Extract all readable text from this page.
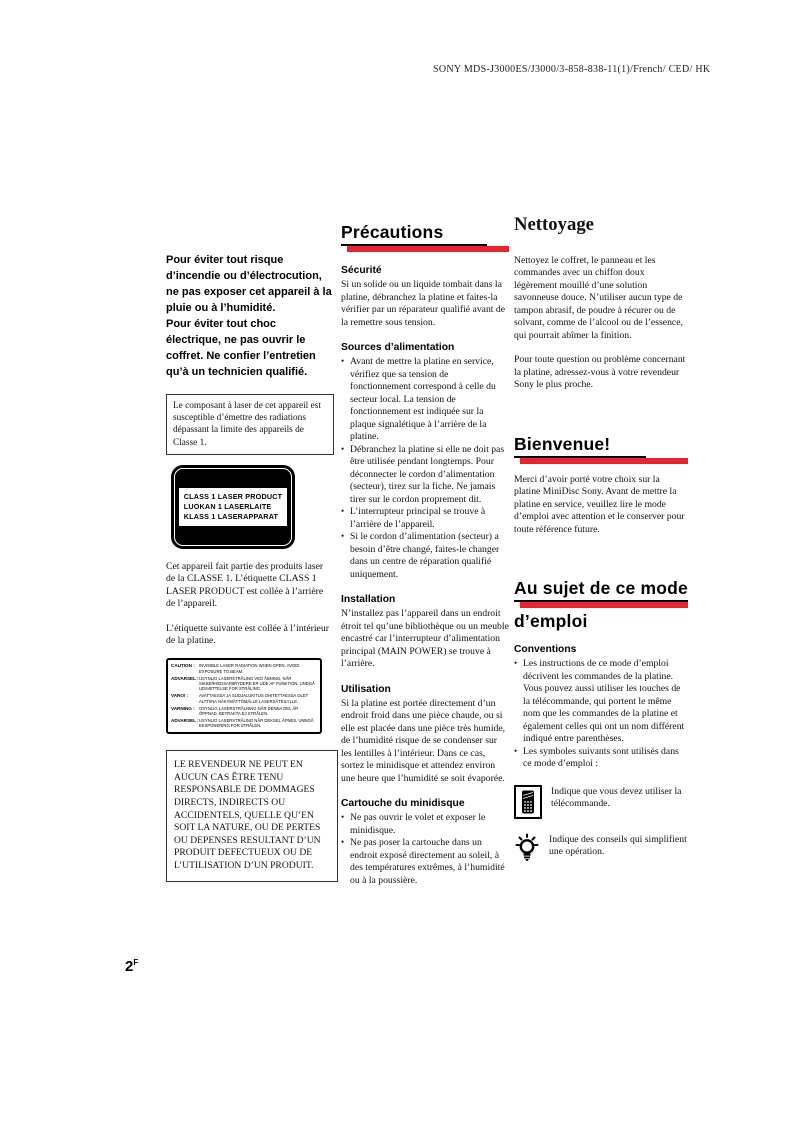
SONY MDS-J3000ES/J3000/3-858-838-11(1)/French/ CED/ HK

Pour éviter tout risque d’incendie ou d’électrocution, ne pas exposer cet appareil à la pluie ou à l’humidité.

Pour éviter tout choc électrique, ne pas ouvrir le coffret. Ne confier l’entretien qu’à un technicien qualifié.

Le composant à laser de cet appareil est susceptible d’émettre des radiations dépassant la limite des appareils de Classe 1.
CLASS 1 LASER PRODUCT
LUOKAN 1 LASERLAITE
KLASS 1 LASERAPPARAT

Cet appareil fait partie des produits laser de la CLASSE 1. L’étiquette CLASS 1 LASER PRODUCT est collée à l’arrière de l’appareil.

L’étiquette suivante est collée à l’intérieur de la platine.

CAUTION :	INVISIBLE LASER RADIATION WHEN OPEN. AVOID EXPOSURE TO BEAM.
ADVARSEL : USYNLIG LASERSTRÅLING VED ÅBNING, NÅR SIKKERHEDSAFBRYDERE ER UDE AF FUNKTION. UNDGÅ UDSÆTTELSE FOR STRÅLING.
VARO! :	AVATTAESSA JA SUOJALUKITUS OHITETTAESSA OLET ALTTIINA NÄKYMÄTTÖMÄLLE LASERSÄTEILYLLE.
VARNING :	OSYNLIG LASERSTRÅLNING NÄR DENNA DEL ÄR ÖPPNAD. BETRAKTA EJ STRÅLEN.
ADVARSEL : USYNLIG LASERSTRÅLING NÅR DEKSEL ÅPNES. UNNGÅ EKSPONERING FOR STRÅLEN.
LE REVENDEUR NE PEUT EN AUCUN CAS ÊTRE TENU RESPONSABLE DE DOMMAGES DIRECTS, INDIRECTS OU ACCIDENTELS, QUELLE QU’EN SOIT LA NATURE, OU DE PERTES OU DEPENSES RESULTANT D’UN PRODUIT DEFECTUEUX OU DE L’UTILISATION D’UN PRODUIT.
Précautions
Sécurité

Si un solide ou un liquide tombait dans la platine, débranchez la platine et faites-la vérifier par un réparateur qualifié avant de la remettre sous tension.

Sources d’alimentation
• Avant de mettre la platine en service, vérifiez que sa tension de fonctionnement correspond à celle du secteur local. La tension de fonctionnement est indiquée sur la plaque signalétique à l’arrière de la platine.
• Débranchez la platine si elle ne doit pas être utilisée pendant longtemps. Pour déconnecter le cordon d’alimentation (secteur), tirez sur la fiche. Ne jamais tirer sur le cordon proprement dit.
• L’interrupteur principal se trouve à l’arrière de l’appareil.
• Si le cordon d’alimentation (secteur) a besoin d’être changé, faites-le changer dans un centre de réparation qualifié uniquement.
Installation

N’installez pas l’appareil dans un endroit étroit tel qu’une bibliothèque ou un meuble encastré car l’interrupteur d’alimentation principal (MAIN POWER) se trouve à l’arrière.

Utilisation

Si la platine est portée directement d’un endroit froid dans une pièce chaude, ou si elle est placée dans une pièce très humide, de l’humidité risque de se condenser sur les lentilles à l’intérieur. Dans ce cas, sortez le minidisque et attendez environ une heure que l’humidité se soit évaporée.

Cartouche du minidisque
• Ne pas ouvrir le volet et exposer le minidisque.
• Ne pas poser la cartouche dans un endroit exposé directement au soleil, à des températures extrêmes, à l’humidité ou à la poussière.
Nettoyage

Nettoyez le coffret, le panneau et les commandes avec un chiffon doux légèrement mouillé d’une solution savonneuse douce. N’utiliser aucun type de tampon abrasif, de poudre à récurer ou de solvant, comme de l’alcool ou de l’essence, qui pourrait abîmer la finition.

Pour toute question ou problème concernant la platine, adressez-vous à votre revendeur Sony le plus proche.

Bienvenue!

Merci d’avoir porté votre choix sur la platine MiniDisc Sony. Avant de mettre la platine en service, veuillez lire le mode d’emploi avec attention et le conserver pour toute référence future.

Au sujet de ce mode
d’emploi
Conventions
• Les instructions de ce mode d’emploi décrivent les commandes de la platine. Vous pouvez aussi utiliser les touches de la télécommande, qui portent le même nom que les commandes de la platine et également celles qui ont un nom différent indiqué entre parenthèses.
• Les symboles suivants sont utilisés dans ce mode d’emploi :

Indique que vous devez utiliser la télécommande.

Indique des conseils qui simplifient une opération.

$2^F$
